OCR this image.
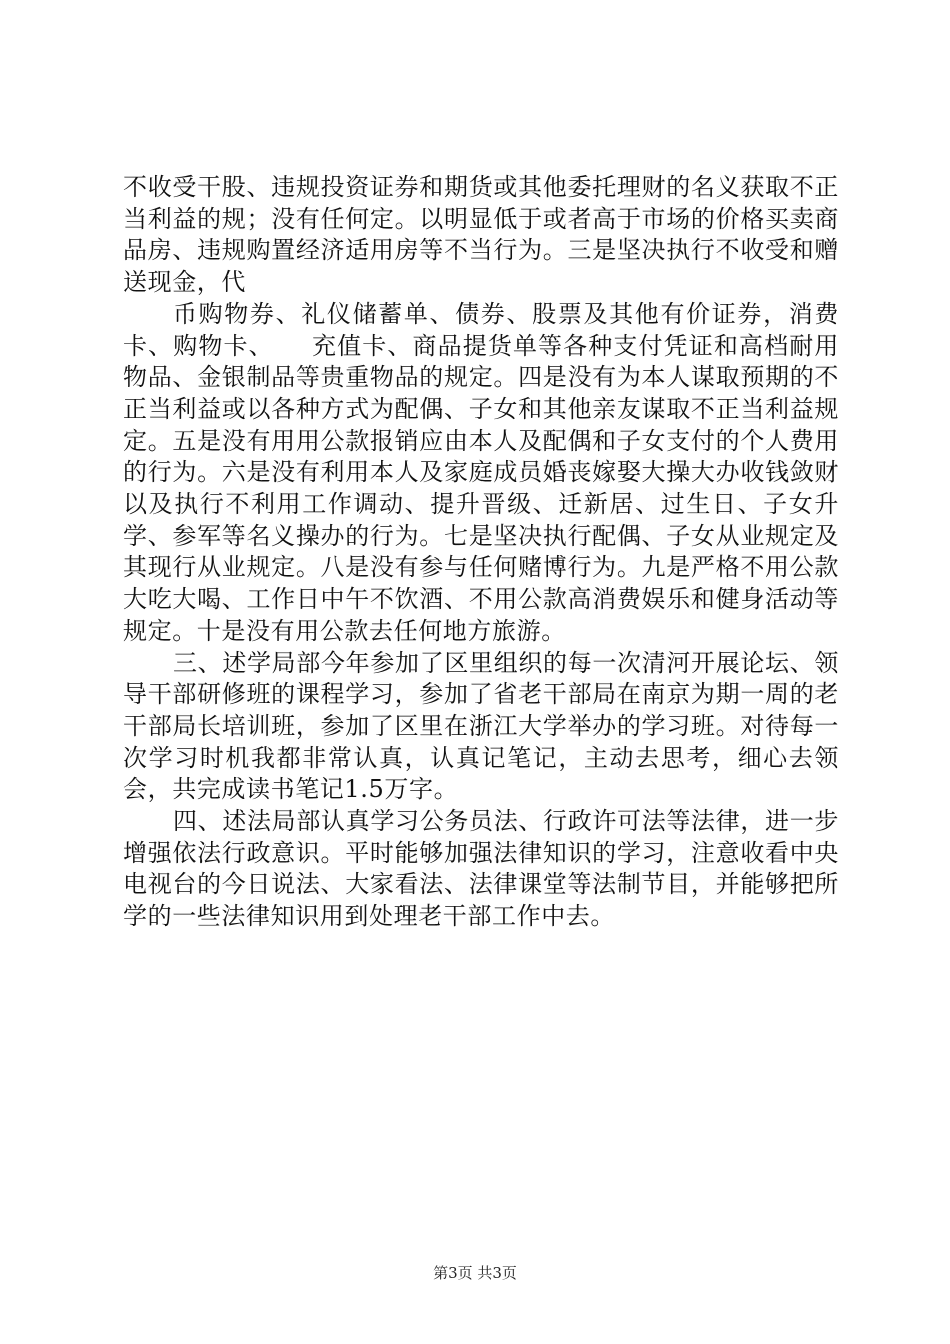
不收受干股、违规投资证券和期货或其他委托理财的名义获取不正当利益的规；没有任何定。以明显低于或者高于市场的价格买卖商品房、违规购置经济适用房等不当行为。三是坚决执行不收受和赠送现金，代

币购物券、礼仪储蓄单、债券、股票及其他有价证券，消费卡、购物卡、　　充值卡、商品提货单等各种支付凭证和高档耐用物品、金银制品等贵重物品的规定。四是没有为本人谋取预期的不正当利益或以各种方式为配偶、子女和其他亲友谋取不正当利益规定。五是没有用用公款报销应由本人及配偶和子女支付的个人费用的行为。六是没有利用本人及家庭成员婚丧嫁娶大操大办收钱敛财以及执行不利用工作调动、提升晋级、迁新居、过生日、子女升学、参军等名义操办的行为。七是坚决执行配偶、子女从业规定及其现行从业规定。八是没有参与任何赌博行为。九是严格不用公款大吃大喝、工作日中午不饮酒、不用公款高消费娱乐和健身活动等规定。十是没有用公款去任何地方旅游。

三、述学局部今年参加了区里组织的每一次清河开展论坛、领导干部研修班的课程学习，参加了省老干部局在南京为期一周的老干部局长培训班，参加了区里在浙江大学举办的学习班。对待每一次学习时机我都非常认真，认真记笔记，主动去思考，细心去领会，共完成读书笔记1.5万字。

四、述法局部认真学习公务员法、行政许可法等法律，进一步增强依法行政意识。平时能够加强法律知识的学习，注意收看中央电视台的今日说法、大家看法、法律课堂等法制节目，并能够把所学的一些法律知识用到处理老干部工作中去。

第3页 共3页
